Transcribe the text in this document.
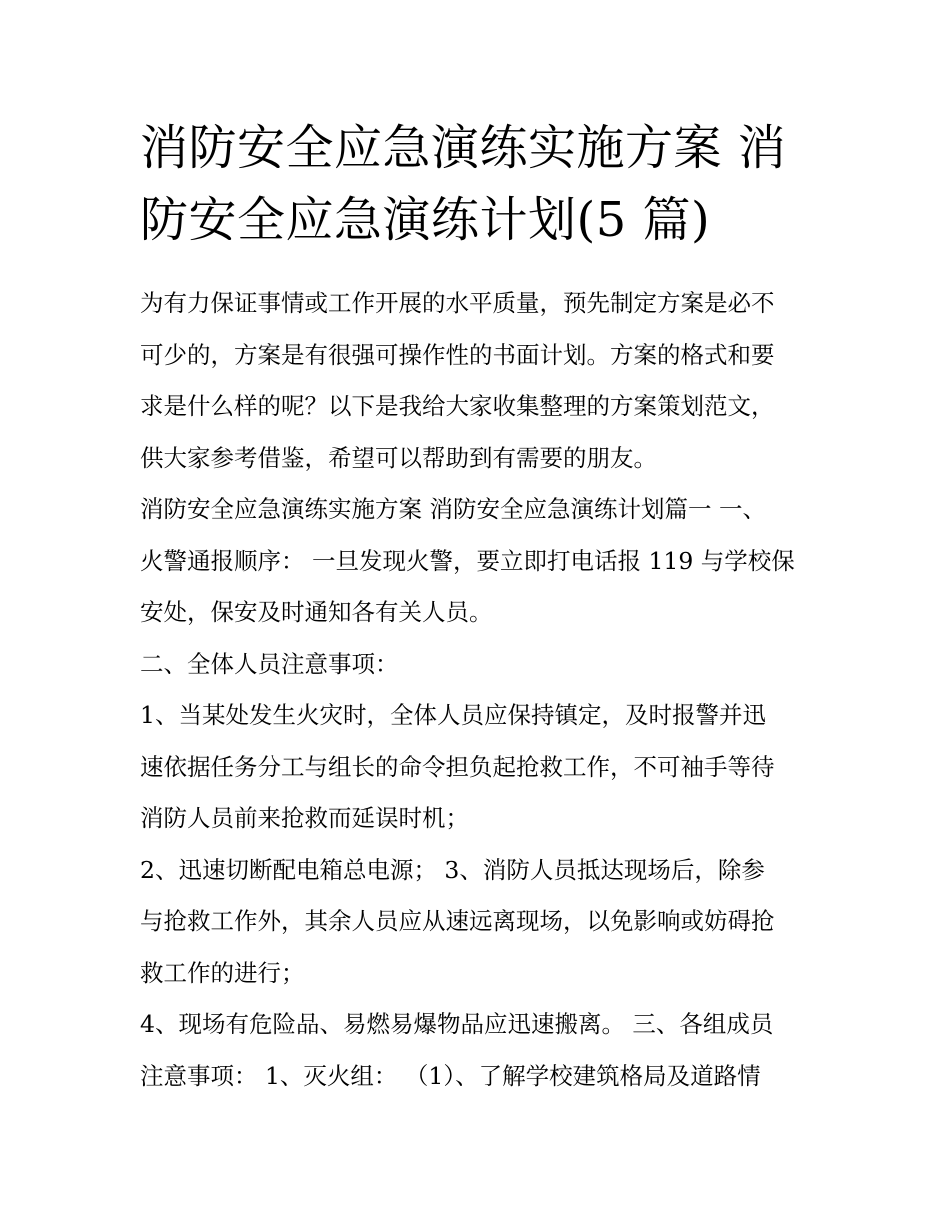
消防安全应急演练实施方案 消
防安全应急演练计划(5 篇)
为有力保证事情或工作开展的水平质量，预先制定方案是必不
可少的，方案是有很强可操作性的书面计划。方案的格式和要
求是什么样的呢？以下是我给大家收集整理的方案策划范文，
供大家参考借鉴，希望可以帮助到有需要的朋友。
消防安全应急演练实施方案 消防安全应急演练计划篇一 一、
火警通报顺序： 一旦发现火警，要立即打电话报 119 与学校保
安处，保安及时通知各有关人员。
二、全体人员注意事项：
1、当某处发生火灾时，全体人员应保持镇定，及时报警并迅
速依据任务分工与组长的命令担负起抢救工作，不可袖手等待
消防人员前来抢救而延误时机；
2、迅速切断配电箱总电源； 3、消防人员抵达现场后，除参
与抢救工作外，其余人员应从速远离现场，以免影响或妨碍抢
救工作的进行；
4、现场有危险品、易燃易爆物品应迅速搬离。 三、各组成员
注意事项： 1、灭火组： （1）、了解学校建筑格局及道路情
